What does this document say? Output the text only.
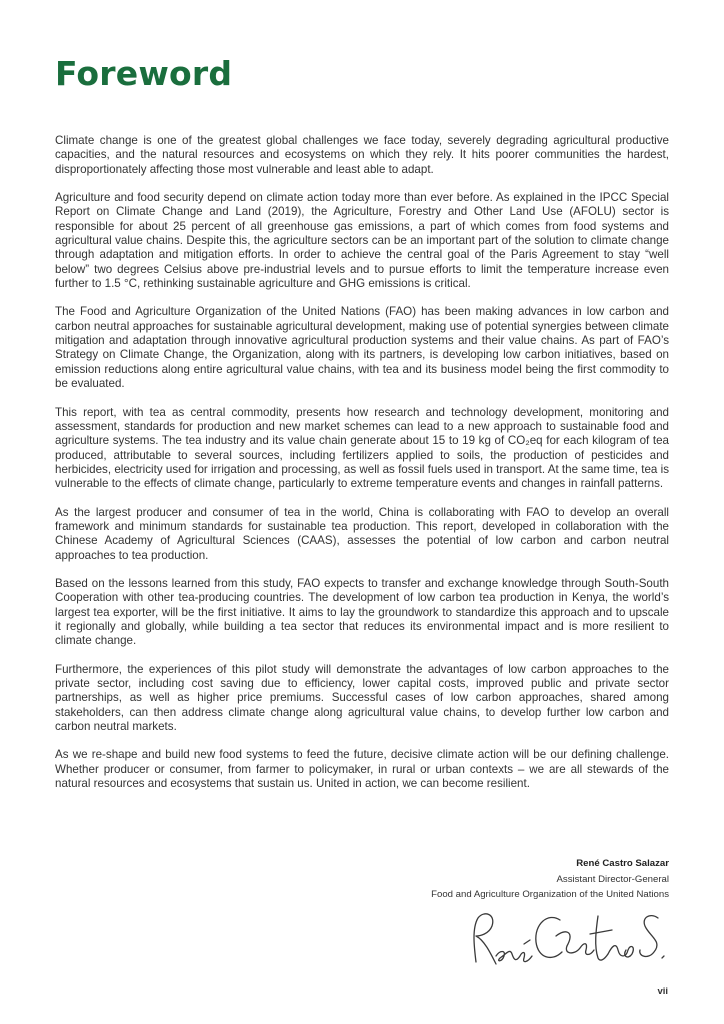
Foreword

Climate change is one of the greatest global challenges we face today, severely degrading agricultural productive capacities, and the natural resources and ecosystems on which they rely. It hits poorer communities the hardest, disproportionately affecting those most vulnerable and least able to adapt.

Agriculture and food security depend on climate action today more than ever before. As explained in the IPCC Special Report on Climate Change and Land (2019), the Agriculture, Forestry and Other Land Use (AFOLU) sector is responsible for about 25 percent of all greenhouse gas emissions, a part of which comes from food systems and agricultural value chains. Despite this, the agriculture sectors can be an important part of the solution to climate change through adaptation and mitigation efforts. In order to achieve the central goal of the Paris Agreement to stay “well below” two degrees Celsius above pre-industrial levels and to pursue efforts to limit the temperature increase even further to 1.5 °C, rethinking sustainable agriculture and GHG emissions is critical.

The Food and Agriculture Organization of the United Nations (FAO) has been making advances in low carbon and carbon neutral approaches for sustainable agricultural development, making use of potential synergies between climate mitigation and adaptation through innovative agricultural production systems and their value chains. As part of FAO’s Strategy on Climate Change, the Organization, along with its partners, is developing low carbon initiatives, based on emission reductions along entire agricultural value chains, with tea and its business model being the first commodity to be evaluated.

This report, with tea as central commodity, presents how research and technology development, monitoring and assessment, standards for production and new market schemes can lead to a new approach to sustainable food and agriculture systems. The tea industry and its value chain generate about 15 to 19 kg of CO₂eq for each kilogram of tea produced, attributable to several sources, including fertilizers applied to soils, the production of pesticides and herbicides, electricity used for irrigation and processing, as well as fossil fuels used in transport. At the same time, tea is vulnerable to the effects of climate change, particularly to extreme temperature events and changes in rainfall patterns.

As the largest producer and consumer of tea in the world, China is collaborating with FAO to develop an overall framework and minimum standards for sustainable tea production. This report, developed in collaboration with the Chinese Academy of Agricultural Sciences (CAAS), assesses the potential of low carbon and carbon neutral approaches to tea production.

Based on the lessons learned from this study, FAO expects to transfer and exchange knowledge through South-South Cooperation with other tea-producing countries. The development of low carbon tea production in Kenya, the world’s largest tea exporter, will be the first initiative. It aims to lay the groundwork to standardize this approach and to upscale it regionally and globally, while building a tea sector that reduces its environmental impact and is more resilient to climate change.

Furthermore, the experiences of this pilot study will demonstrate the advantages of low carbon approaches to the private sector, including cost saving due to efficiency, lower capital costs, improved public and private sector partnerships, as well as higher price premiums. Successful cases of low carbon approaches, shared among stakeholders, can then address climate change along agricultural value chains, to develop further low carbon and carbon neutral markets.

As we re-shape and build new food systems to feed the future, decisive climate action will be our defining challenge. Whether producer or consumer, from farmer to policymaker, in rural or urban contexts – we are all stewards of the natural resources and ecosystems that sustain us. United in action, we can become resilient.

René Castro Salazar
Assistant Director-General
Food and Agriculture Organization of the United Nations
vii
